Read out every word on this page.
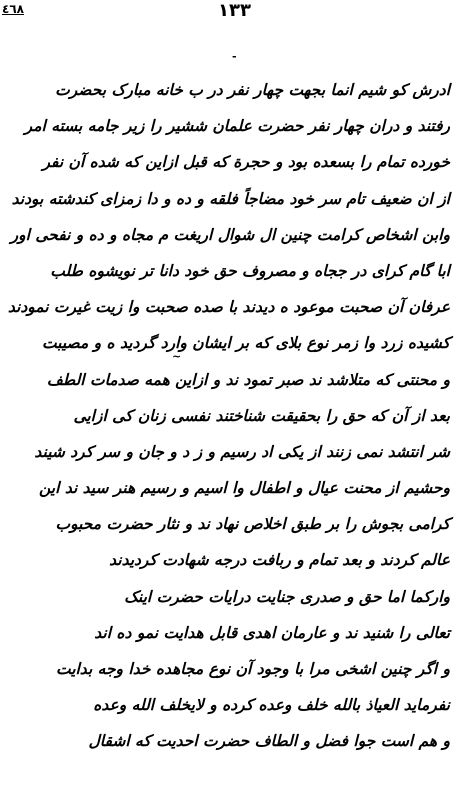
٤٦٨	۱۳۳
-
~
ادرش کو شیم انما بجهت چهار نفر در ب خانه مبارک بحضرت
رفتند و دران چهار نفر حضرت علمان ششیر را زیر جامه بسته امر
خورده تمام را بسعده بود و حجرة که قبل ازاین که شده آن نفر
از ان ضعیف تام سر خود مضاجاً فلقه و ده و دا زمزای کندشته بودند
وابن اشخاص کرامت چنین ال شوال اریغت م مجاه و ده و نفحی اور
ابا گام کرای در ججاه و مصروف حق خود دانا تر نویشوه طلب
عرفان آن صحبت موعود ه دیدند با صده صحبت وا زیت غیرت نمودند
کشیده زرد وا زمر نوع بلای که بر ایشان وارد گردید ه و مصیبت
و محنتی که متلاشد ند صبر تمود ند و ازاین همه صدمات الطف
بعد از آن که حق را بحقیقت شناختند نفسی زنان کی ازایی
شر انتشد نمی زنند از یکی اد رسیم و ز د و جان و سر کرد شیند
وحشیم از محنت عیال و اطفال وا اسیم و رسیم هنر سید ند این
کرامی بجوش را بر طبق اخلاص نهاد ند و نثار حضرت محبوب
عالم کردند و بعد تمام و ربافت درجه شهادت کردیدند
وارکما اما حق و صدری جنایت درایات حضرت اینک
تعالی را شنید ند و عارمان اهدی قابل هدایت نمو ده اند
و اگر چنین اشخی مرا با وجود آن نوع مجاهده خدا وجه بدایت
نفرماید العیاذ بالله خلف وعده کرده و لایخلف الله وعده
و هم است جوا فضل و الطاف حضرت احدیت که اشقال
